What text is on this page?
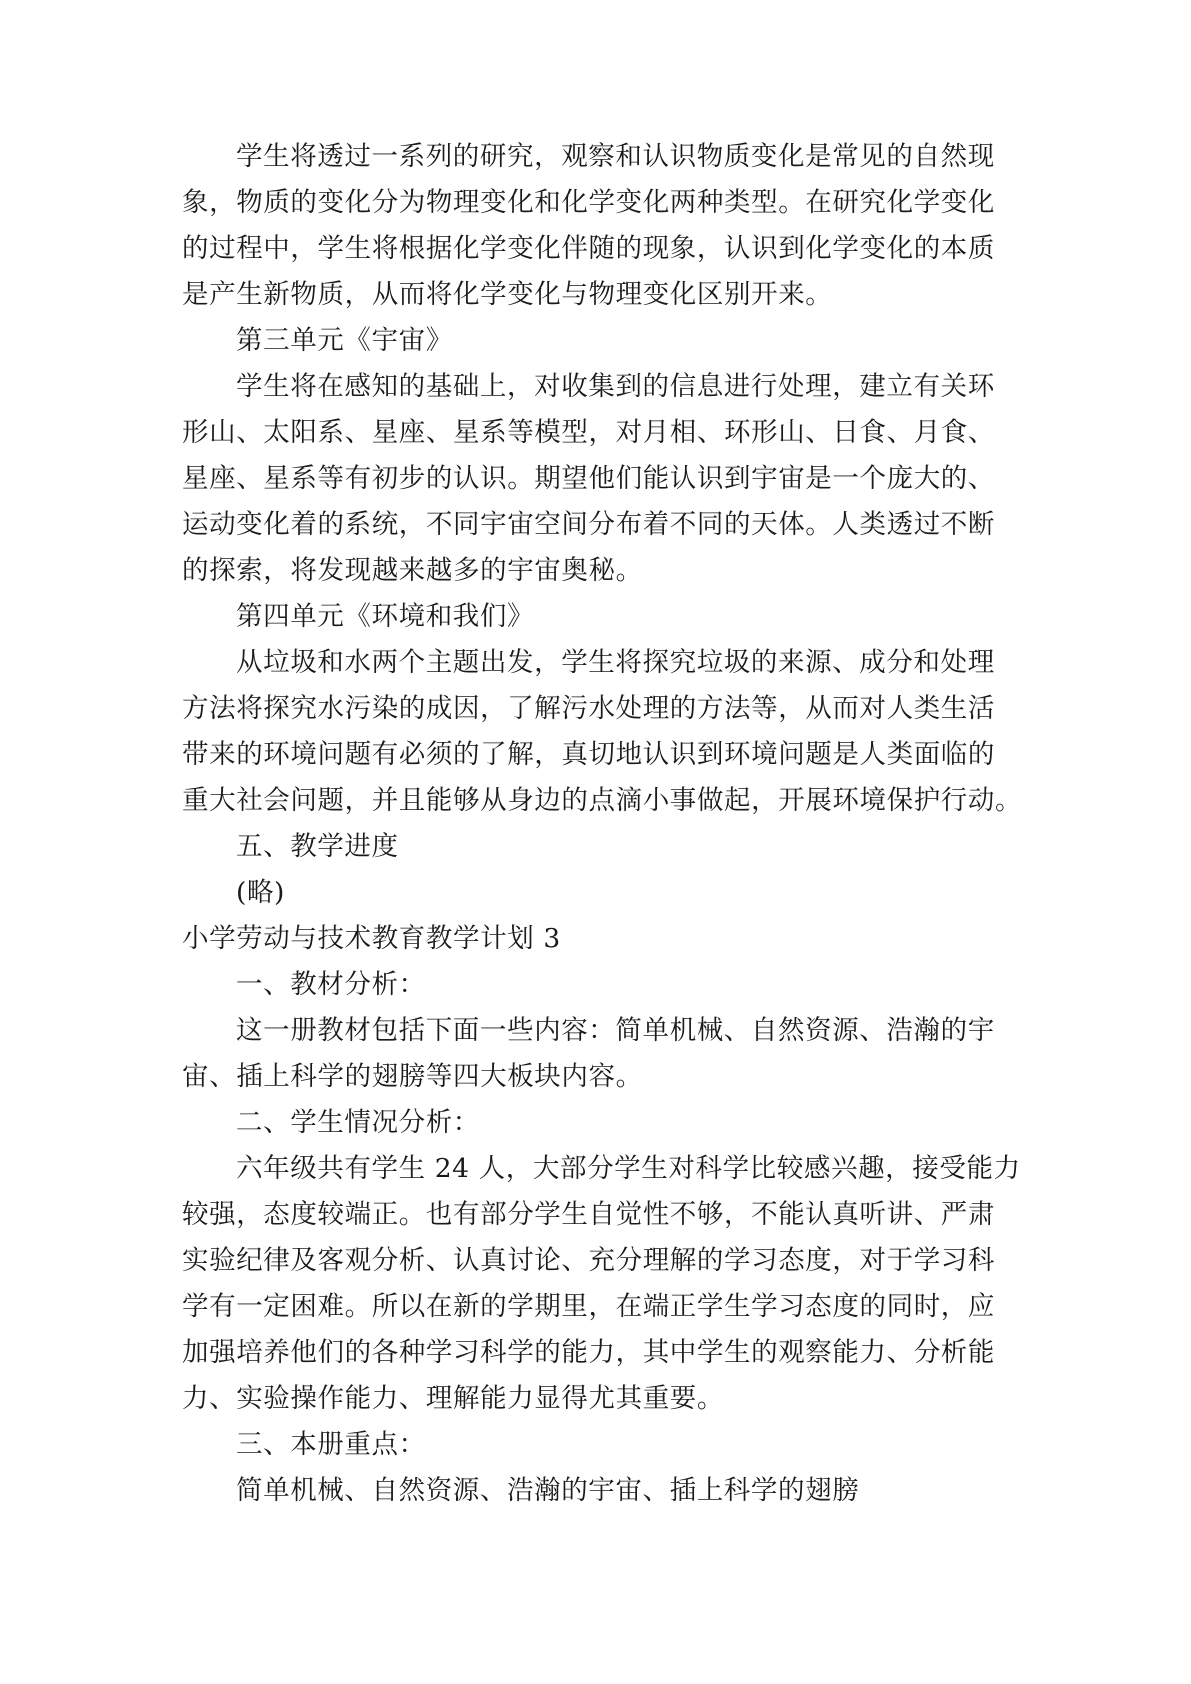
学生将透过一系列的研究，观察和认识物质变化是常见的自然现
象，物质的变化分为物理变化和化学变化两种类型。在研究化学变化
的过程中，学生将根据化学变化伴随的现象，认识到化学变化的本质
是产生新物质，从而将化学变化与物理变化区别开来。
第三单元《宇宙》
学生将在感知的基础上，对收集到的信息进行处理，建立有关环
形山、太阳系、星座、星系等模型，对月相、环形山、日食、月食、
星座、星系等有初步的认识。期望他们能认识到宇宙是一个庞大的、
运动变化着的系统，不同宇宙空间分布着不同的天体。人类透过不断
的探索，将发现越来越多的宇宙奥秘。
第四单元《环境和我们》
从垃圾和水两个主题出发，学生将探究垃圾的来源、成分和处理
方法将探究水污染的成因，了解污水处理的方法等，从而对人类生活
带来的环境问题有必须的了解，真切地认识到环境问题是人类面临的
重大社会问题，并且能够从身边的点滴小事做起，开展环境保护行动。
五、教学进度
(略)
小学劳动与技术教育教学计划 3
一、教材分析：
这一册教材包括下面一些内容：简单机械、自然资源、浩瀚的宇
宙、插上科学的翅膀等四大板块内容。
二、学生情况分析：
六年级共有学生 24 人，大部分学生对科学比较感兴趣，接受能力
较强，态度较端正。也有部分学生自觉性不够，不能认真听讲、严肃
实验纪律及客观分析、认真讨论、充分理解的学习态度，对于学习科
学有一定困难。所以在新的学期里，在端正学生学习态度的同时，应
加强培养他们的各种学习科学的能力，其中学生的观察能力、分析能
力、实验操作能力、理解能力显得尤其重要。
三、本册重点：
简单机械、自然资源、浩瀚的宇宙、插上科学的翅膀
